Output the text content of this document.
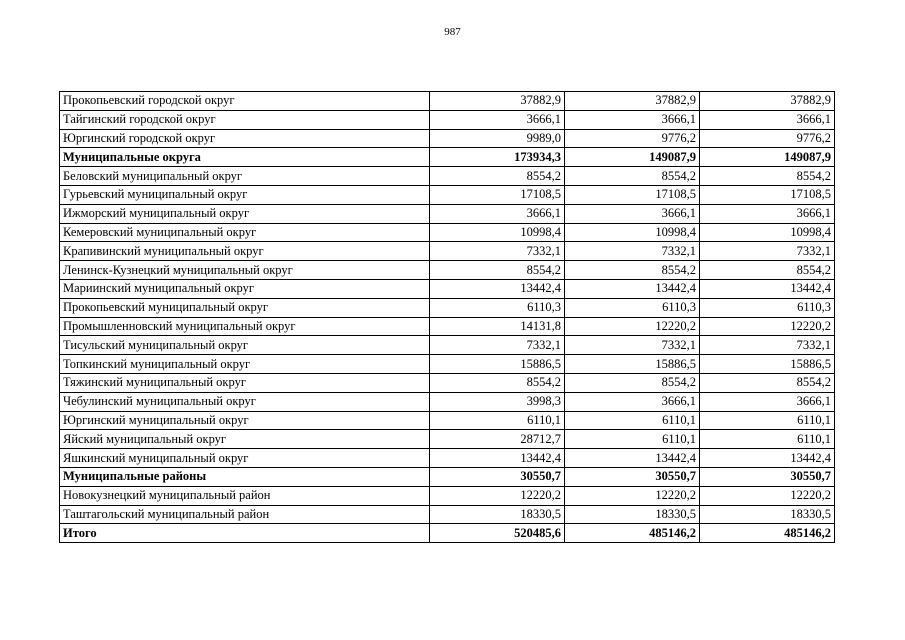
987
Прокопьевский городской округ	37882,9	37882,9	37882,9
Тайгинский городской округ	3666,1	3666,1	3666,1
Юргинский городской округ	9989,0	9776,2	9776,2
Муниципальные округа	173934,3	149087,9	149087,9
Беловский муниципальный округ	8554,2	8554,2	8554,2
Гурьевский муниципальный округ	17108,5	17108,5	17108,5
Ижморский муниципальный округ	3666,1	3666,1	3666,1
Кемеровский муниципальный округ	10998,4	10998,4	10998,4
Крапивинский муниципальный округ	7332,1	7332,1	7332,1
Ленинск-Кузнецкий муниципальный округ	8554,2	8554,2	8554,2
Мариинский муниципальный округ	13442,4	13442,4	13442,4
Прокопьевский муниципальный округ	6110,3	6110,3	6110,3
Промышленновский муниципальный округ	14131,8	12220,2	12220,2
Тисульский муниципальный округ	7332,1	7332,1	7332,1
Топкинский муниципальный округ	15886,5	15886,5	15886,5
Тяжинский муниципальный округ	8554,2	8554,2	8554,2
Чебулинский муниципальный округ	3998,3	3666,1	3666,1
Юргинский муниципальный округ	6110,1	6110,1	6110,1
Яйский муниципальный округ	28712,7	6110,1	6110,1
Яшкинский муниципальный округ	13442,4	13442,4	13442,4
Муниципальные районы	30550,7	30550,7	30550,7
Новокузнецкий муниципальный район	12220,2	12220,2	12220,2
Таштагольский муниципальный район	18330,5	18330,5	18330,5
Итого	520485,6	485146,2	485146,2
